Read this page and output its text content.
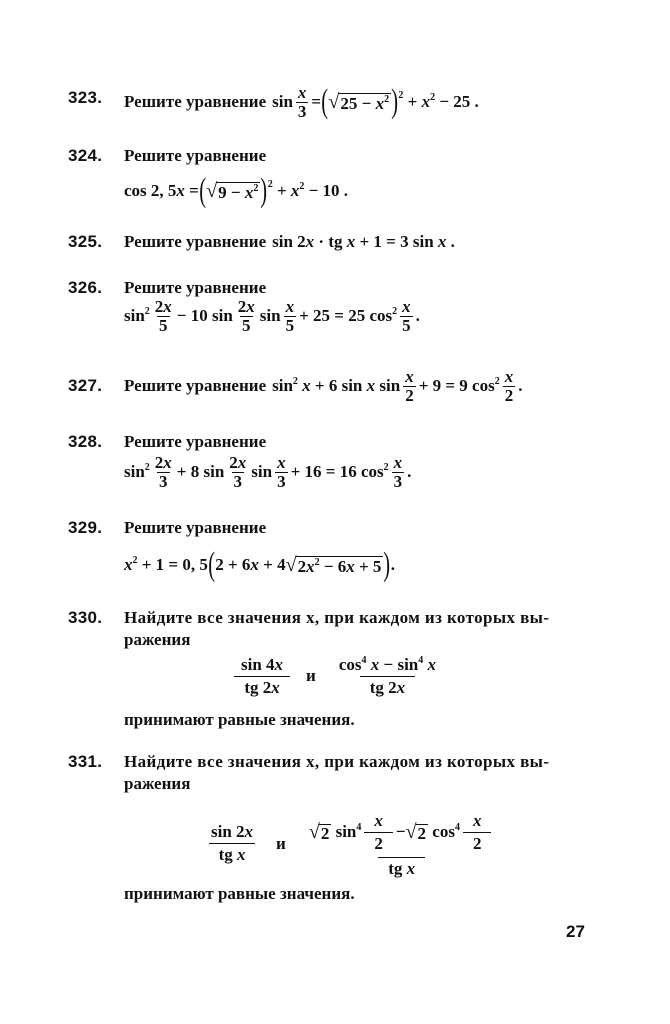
323. Решите уравнение $\sin \frac{x}{3}$ = ( √ $25 - x^2$ ) $2 + x^2 - 25$ .
324. Решите уравнение
cos 2, 5x = ( √ $9 - x^2$ ) $2 + x^2 - 10$ .
325. Решите уравнение sin 2x · tg x + 1 = 3 sin x .
326. Решите уравнение
$\sin^2 \frac{2x}{5} - 10$ $\sin \frac{2x}{5}$ $\sin \frac{x}{5} + 25 = 25$ $\cos^2 \frac{x}{5}$ .
327. Решите уравнение $\sin^2 x + 6$ sin x $\sin \frac{x}{2} + 9 = 9$ $\cos^2 \frac{x}{2}$ .
328. Решите уравнение
$\sin^2 \frac{2x}{3} + 8$ $\sin \frac{2x}{3}$ $\sin \frac{x}{3} + 16 = 16$ $\cos^2 \frac{x}{3}$ .
329. Решите уравнение
$x^2 + 1 = 0$, 5 ( 2 + 6x + 4 √ $2x^2 - 6x + 5$ ) .
330. Найдите все значения x, при каждом из которых вы-
ражения
$\frac{\sin 4x}{tg 2x}$ и $\frac{\cos^4 x - \sin^4 x}{tg 2x}$
принимают равные значения.
331. Найдите все значения x, при каждом из которых вы-
ражения
$\frac{\sin 2x}{\text{tg x}}$ и
√ 2 $\sin^4 \frac{x}{2}$ − √ 2 $\cos^4 \frac{x}{2}$
tg x
принимают равные значения.
27
